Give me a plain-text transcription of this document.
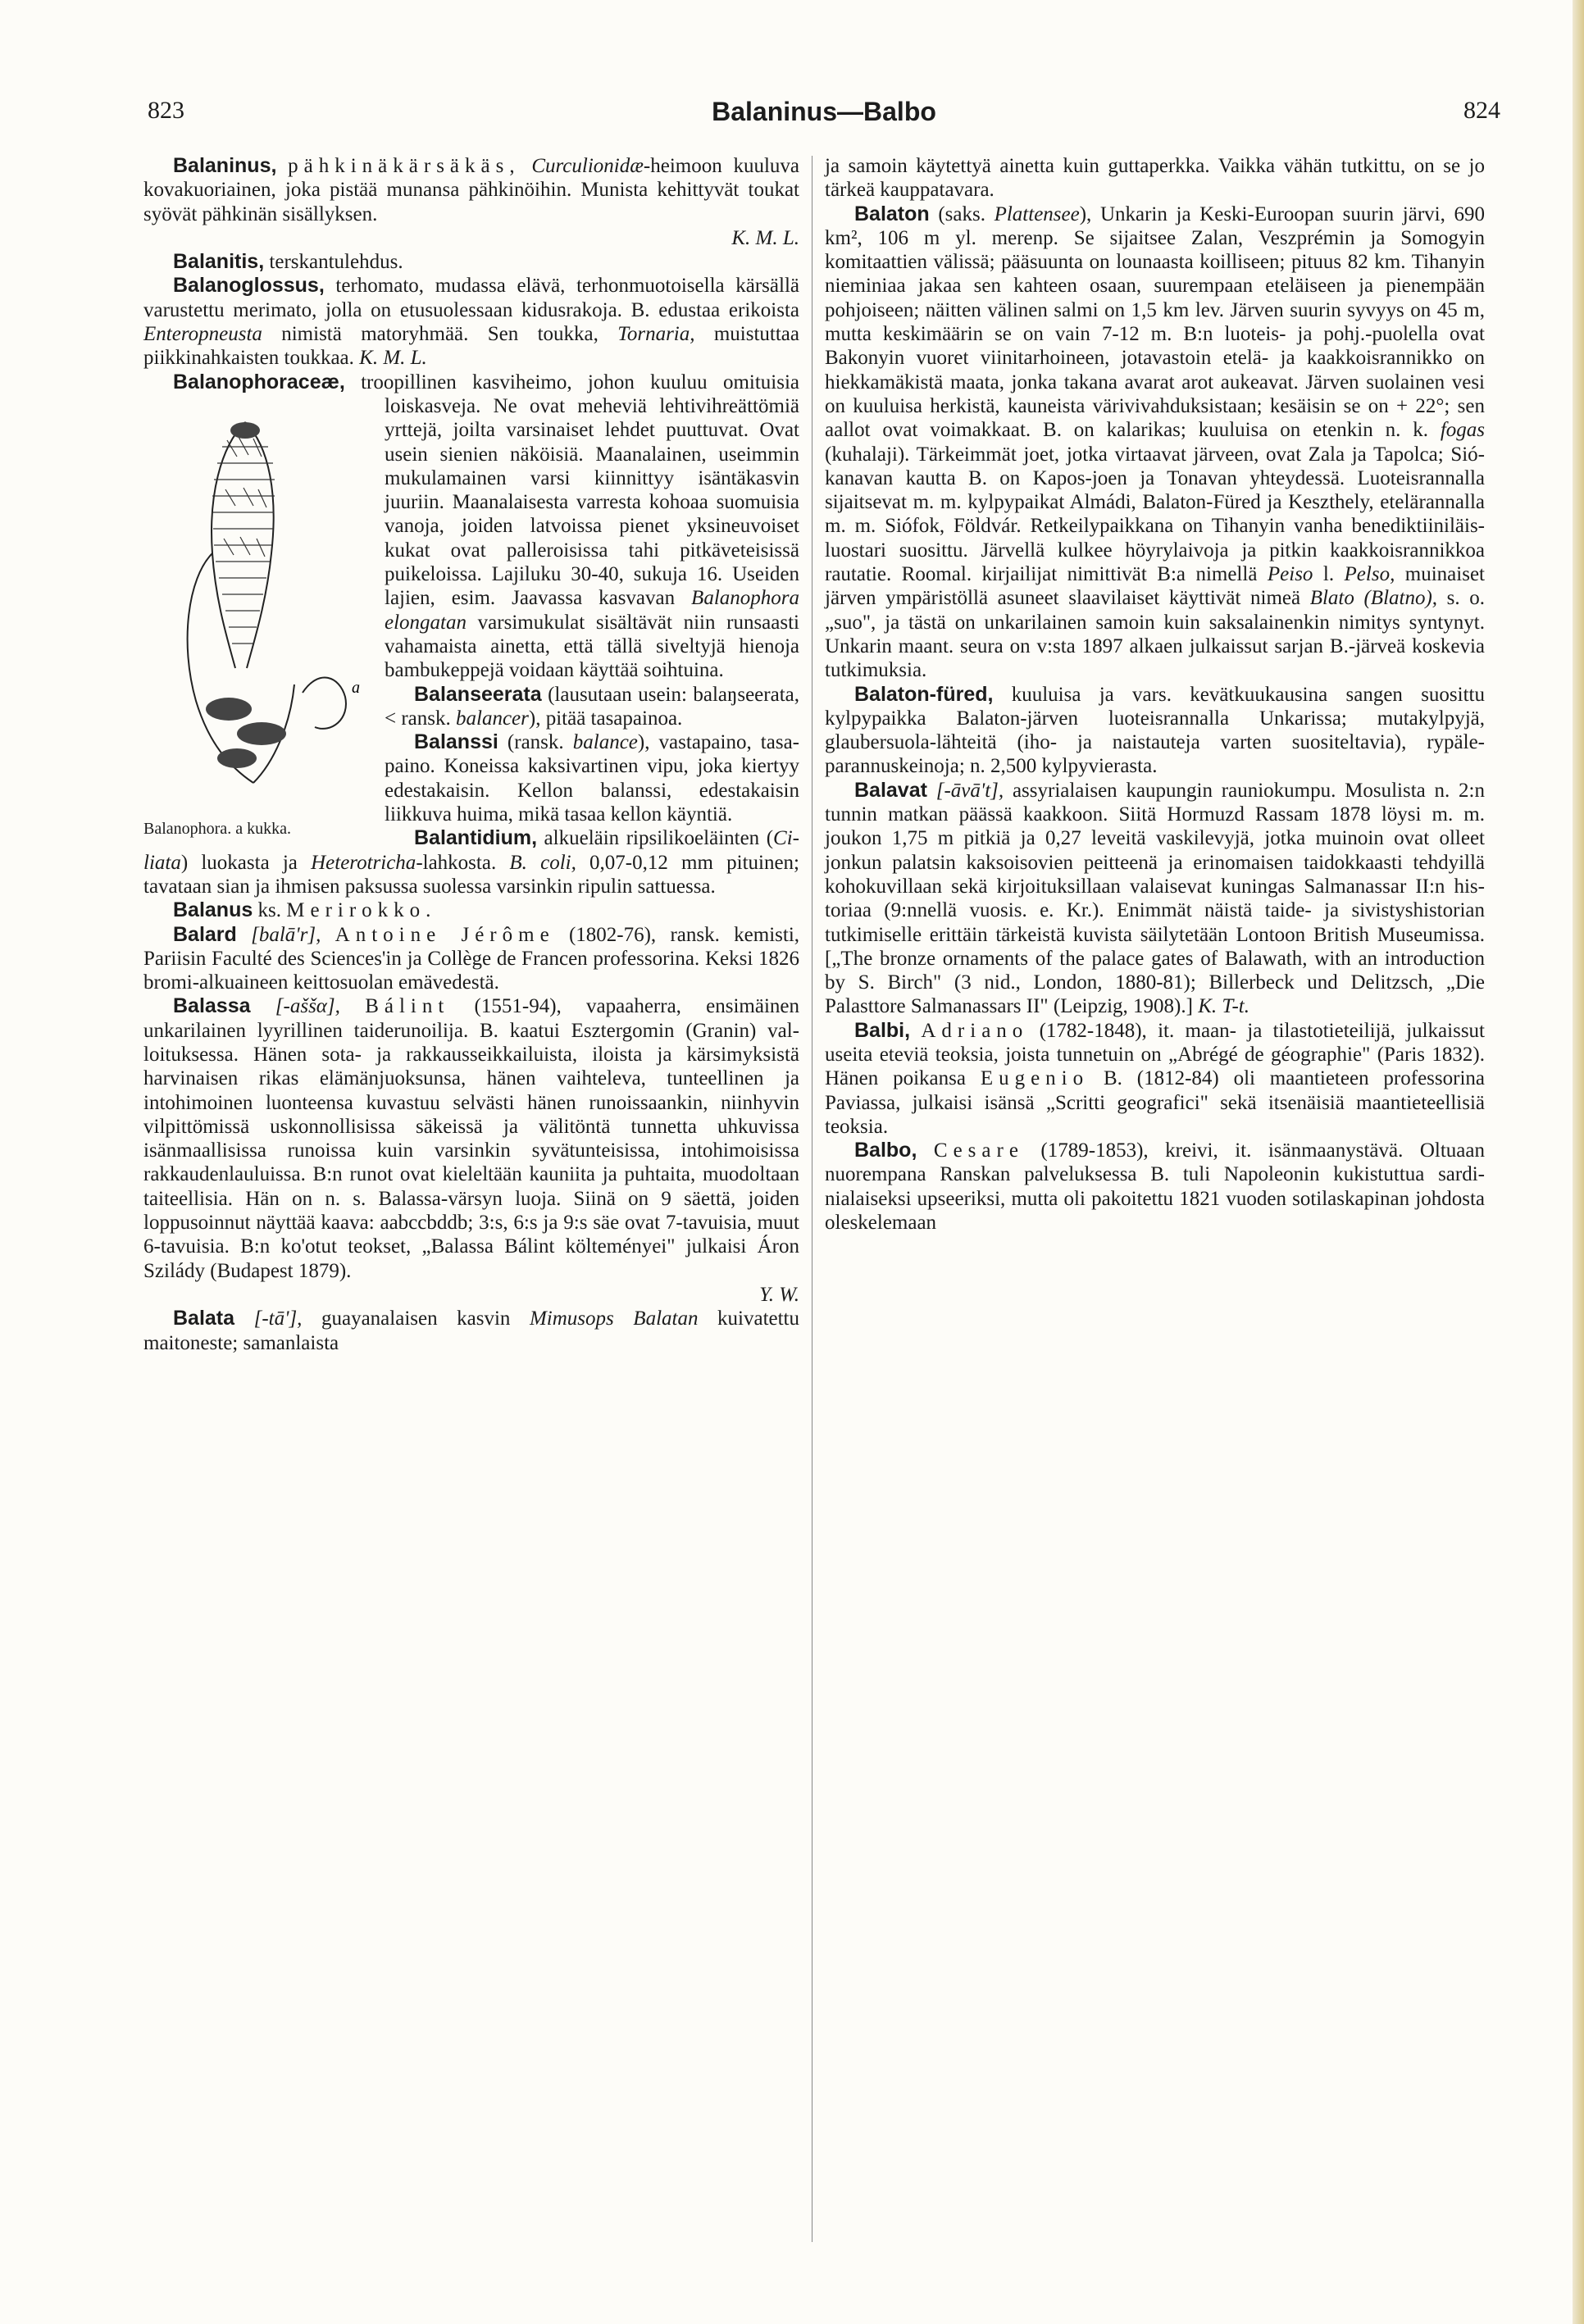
823	Balaninus—Balbo	824

Balaninus, pähkinäkärsäkäs, Curculionidæ-heimoon kuuluva kovakuoriainen, joka pistää munansa pähkinöihin. Munista kehittyvät toukat syövät pähkinän sisällyksen.

K. M. L.

Balanitis, terskantulehdus.

Balanoglossus, terhomato, mudassa elävä, terhonmuotoisella kärsällä varustettu merimato, jolla on etusuolessaan kidusrakoja. B. edustaa erikoista Enteropneusta nimistä matoryhmää. Sen toukka, Tornaria, muistuttaa piikkinahkaisten toukkaa. K. M. L.

Balanophoraceæ, troopillinen kasviheimo, johon kuuluu omituisia loiskasveja. Ne ovat
a
Balanophora. a kukka.
meheviä lehtivihreättömiä yrttejä, joilta varsinaiset lehdet puuttuvat. Ovat usein sienien näköisiä. Maanalainen, useimmin mukulamainen varsi kiinnittyy isäntäkasvin juuriin. Maanalaisesta varresta kohoaa suomuisia vanoja, joiden latvoissa pienet yksineuvoiset kukat ovat palleroisissa tahi pitkäveteisissä puikeloissa. Lajiluku 30-40, sukuja 16. Useiden lajien, esim. Jaavassa kasvavan Balanophora elongatan varsimukulat sisältävät niin runsaasti vahamaista ainetta, että tällä siveltyjä hienoja bambukeppejä voidaan käyttää soihtuina.

Balanseerata (lausutaan usein: balaŋseerata, < ransk. balancer), pitää tasapainoa.

Balanssi (ransk. balance), vastapaino, tasapaino. Koneissa kaksivartinen vipu, joka kiertyy edestakaisin. Kellon balanssi, edestakaisin liikkuva huima, mikä tasaa kellon käyntiä.

Balantidium, alkueläin ripsilikoeläinten (Ciliata) luokasta ja Heterotricha-lahkosta. B. coli, 0,07-0,12 mm pituinen; tavataan sian ja ihmisen paksussa suolessa varsinkin ripulin sattuessa.

Balanus ks. Merirokko.

Balard [balā'r], Antoine Jérôme (1802-76), ransk. kemisti, Pariisin Faculté des Sciences'in ja Collège de Francen professorina. Keksi 1826 bromi-alkuaineen keittosuolan emävedestä.

Balassa [-aššα], Bálint (1551-94), vapaaherra, ensimäinen unkarilainen lyyrillinen taiderunoilija. B. kaatui Esztergomin (Granin) valloituksessa. Hänen sota- ja rakkausseikkailuista, iloista ja kärsimyksistä harvinaisen rikas elämänjuoksunsa, hänen vaihteleva, tunteellinen ja intohimoinen luonteensa kuvastuu selvästi hänen runoissaankin, niinhyvin vilpittömissä uskonnollisissa säkeissä ja välitöntä tunnetta uhkuvissa isänmaallisissa runoissa kuin varsinkin syvätunteisissa, intohimoisissa rakkaudenlauluissa. B:n runot ovat kieleltään kauniita ja puhtaita, muodoltaan taiteellisia. Hän on n. s. Balassa-värsyn luoja. Siinä on 9 säettä, joiden loppusoinnut näyttää kaava: aabccbddb; 3:s, 6:s ja 9:s säe ovat 7-tavuisia, muut 6-tavuisia. B:n ko'otut teokset, „Balassa Bálint költeményei" julkaisi Áron Szilády (Budapest 1879).

Y. W.

Balata [-tā'], guayanalaisen kasvin Mimusops Balatan kuivatettu maitoneste; samanlaista

ja samoin käytettyä ainetta kuin guttaperkka. Vaikka vähän tutkittu, on se jo tärkeä kauppatavara.

Balaton (saks. Plattensee), Unkarin ja Keski-Euroopan suurin järvi, 690 km², 106 m yl. merenp. Se sijaitsee Zalan, Veszprémin ja Somogyin komitaattien välissä; pääsuunta on lounaasta koilliseen; pituus 82 km. Tihanyin nieminiaa jakaa sen kahteen osaan, suurempaan eteläiseen ja pienempään pohjoiseen; näitten välinen salmi on 1,5 km lev. Järven suurin syvyys on 45 m, mutta keskimäärin se on vain 7-12 m. B:n luoteis- ja pohj.-puolella ovat Bakonyin vuoret viinitarhoineen, jotavastoin etelä- ja kaakkoisrannikko on hiekkamäkistä maata, jonka takana avarat arot aukeavat. Järven suolainen vesi on kuuluisa herkistä, kauneista värivivahduksistaan; kesäisin se on + 22°; sen aallot ovat voimakkaat. B. on kalarikas; kuuluisa on etenkin n. k. fogas (kuhalaji). Tärkeimmät joet, jotka virtaavat järveen, ovat Zala ja Tapolca; Sió-kanavan kautta B. on Kapos-joen ja Tonavan yhteydessä. Luoteisrannalla sijaitsevat m. m. kylpypaikat Almádi, Balaton-Füred ja Keszthely, etelärannalla m. m. Siófok, Földvár. Retkeilypaikkana on Tihanyin vanha benediktiiniläisluostari suosittu. Järvellä kulkee höyrylaivoja ja pitkin kaakkoisrannikkoa rautatie. Roomal. kirjailijat nimittivät B:a nimellä Peiso l. Pelso, muinaiset järven ympäristöllä asuneet slaavilaiset käyttivät nimeä Blato (Blatno), s. o. „suo", ja tästä on unkarilainen samoin kuin saksalainenkin nimitys syntynyt. Unkarin maant. seura on v:sta 1897 alkaen julkaissut sarjan B.-järveä koskevia tutkimuksia.

Balaton-füred, kuuluisa ja vars. kevätkuukausina sangen suosittu kylpypaikka Balaton-järven luoteisrannalla Unkarissa; mutakylpyjä, glaubersuola-lähteitä (iho- ja naistauteja varten suositeltavia), rypäle-parannuskeinoja; n. 2,500 kylpyvierasta.

Balavat [-āvā't], assyrialaisen kaupungin rauniokumpu. Mosulista n. 2:n tunnin matkan päässä kaakkoon. Siitä Hormuzd Rassam 1878 löysi m. m. joukon 1,75 m pitkiä ja 0,27 leveitä vaskilevyjä, jotka muinoin ovat olleet jonkun palatsin kaksoisovien peitteenä ja erinomaisen taidokkaasti tehdyillä kohokuvillaan sekä kirjoituksillaan valaisevat kuningas Salmanassar II:n historiaa (9:nnellä vuosis. e. Kr.). Enimmät näistä taide- ja sivistyshistorian tutkimiselle erittäin tärkeistä kuvista säilytetään Lontoon British Museumissa. [„The bronze ornaments of the palace gates of Balawath, with an introduction by S. Birch" (3 nid., London, 1880-81); Billerbeck und Delitzsch, „Die Palasttore Salmanassars II" (Leipzig, 1908).] K. T-t.

Balbi, Adriano (1782-1848), it. maan- ja tilastotieteilijä, julkaissut useita eteviä teoksia, joista tunnetuin on „Abrégé de géographie" (Paris 1832). Hänen poikansa Eugenio B. (1812-84) oli maantieteen professorina Paviassa, julkaisi isänsä „Scritti geografici" sekä itsenäisiä maantieteellisiä teoksia.

Balbo, Cesare (1789-1853), kreivi, it. isänmaanystävä. Oltuaan nuorempana Ranskan palveluksessa B. tuli Napoleonin kukistuttua sardinialaiseksi upseeriksi, mutta oli pakoitettu 1821 vuoden sotilaskapinan johdosta oleskelemaan
